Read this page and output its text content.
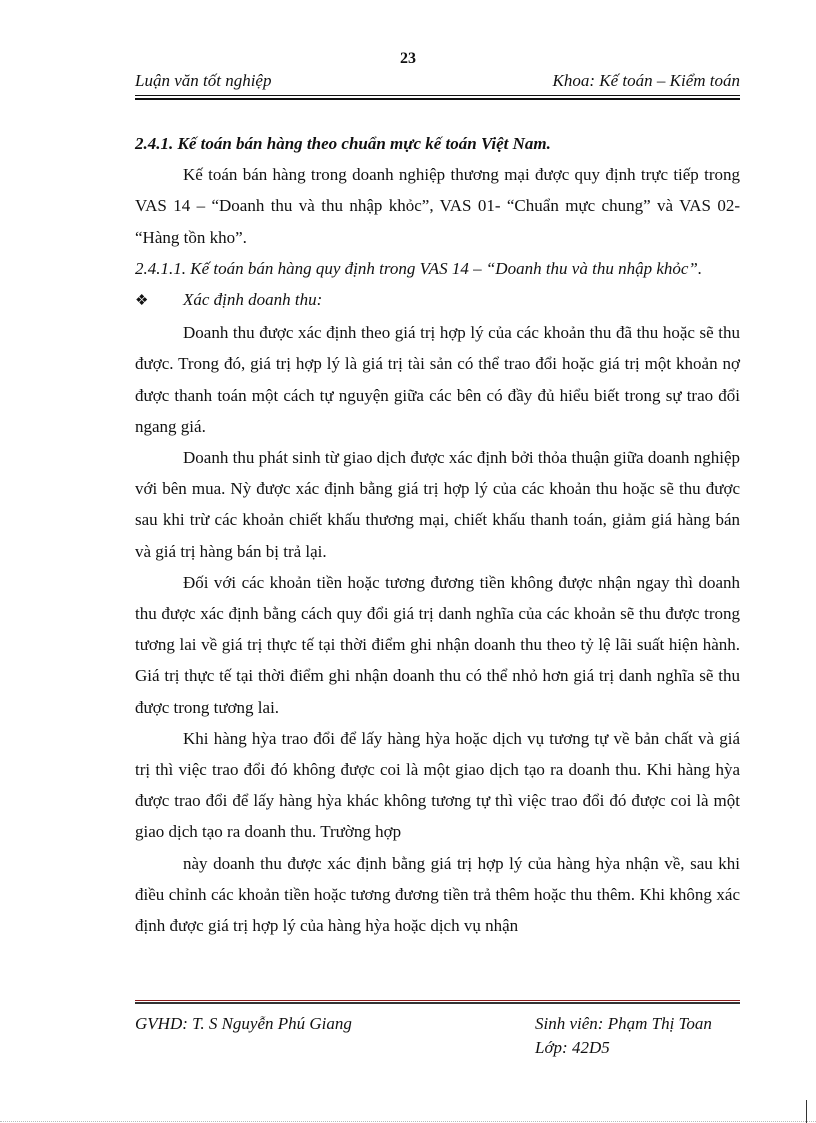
23
Luận văn tốt nghiệp	Khoa: Kế toán – Kiểm toán

2.4.1. Kế toán bán hàng theo chuẩn mực kế toán Việt Nam.

Kế toán bán hàng trong doanh nghiệp thương mại được quy định trực tiếp trong VAS 14 – “Doanh thu và thu nhập khỏc”, VAS 01- “Chuẩn mực chung” và VAS 02- “Hàng tồn kho”.

2.4.1.1. Kế toán bán hàng quy định trong VAS 14 – “Doanh thu và thu nhập khỏc”.

❖	Xác định doanh thu:

Doanh thu được xác định theo giá trị hợp lý của các khoản thu đã thu hoặc sẽ thu được. Trong đó, giá trị hợp lý là giá trị tài sản có thể trao đổi hoặc giá trị một khoản nợ được thanh toán một cách tự nguyện giữa các bên có đầy đủ hiểu biết trong sự trao đổi ngang giá.

Doanh thu phát sinh từ giao dịch được xác định bởi thỏa thuận giữa doanh nghiệp với bên mua. Nỳ được xác định bằng giá trị hợp lý của các khoản thu hoặc sẽ thu được sau khi trừ các khoản chiết khấu thương mại, chiết khấu thanh toán, giảm giá hàng bán và giá trị hàng bán bị trả lại.

Đối với các khoản tiền hoặc tương đương tiền không được nhận ngay thì doanh thu được xác định bằng cách quy đổi giá trị danh nghĩa của các khoản sẽ thu được trong tương lai về giá trị thực tế tại thời điểm ghi nhận doanh thu theo tỷ lệ lãi suất hiện hành. Giá trị thực tế tại thời điểm ghi nhận doanh thu có thể nhỏ hơn giá trị danh nghĩa sẽ thu được trong tương lai.

Khi hàng hỳa trao đổi để lấy hàng hỳa hoặc dịch vụ tương tự về bản chất và giá trị thì việc trao đổi đó không được coi là một giao dịch tạo ra doanh thu. Khi hàng hỳa được trao đổi để lấy hàng hỳa khác không tương tự thì việc trao đổi đó được coi là một giao dịch tạo ra doanh thu. Trường hợp

này doanh thu được xác định bằng giá trị hợp lý của hàng hỳa nhận về, sau khi điều chỉnh các khoản tiền hoặc tương đương tiền trả thêm hoặc thu thêm. Khi không xác định được giá trị hợp lý của hàng hỳa hoặc dịch vụ nhận

GVHD: T. S Nguyễn Phú Giang	Sinh viên: Phạm Thị Toan
Lớp: 42D5
